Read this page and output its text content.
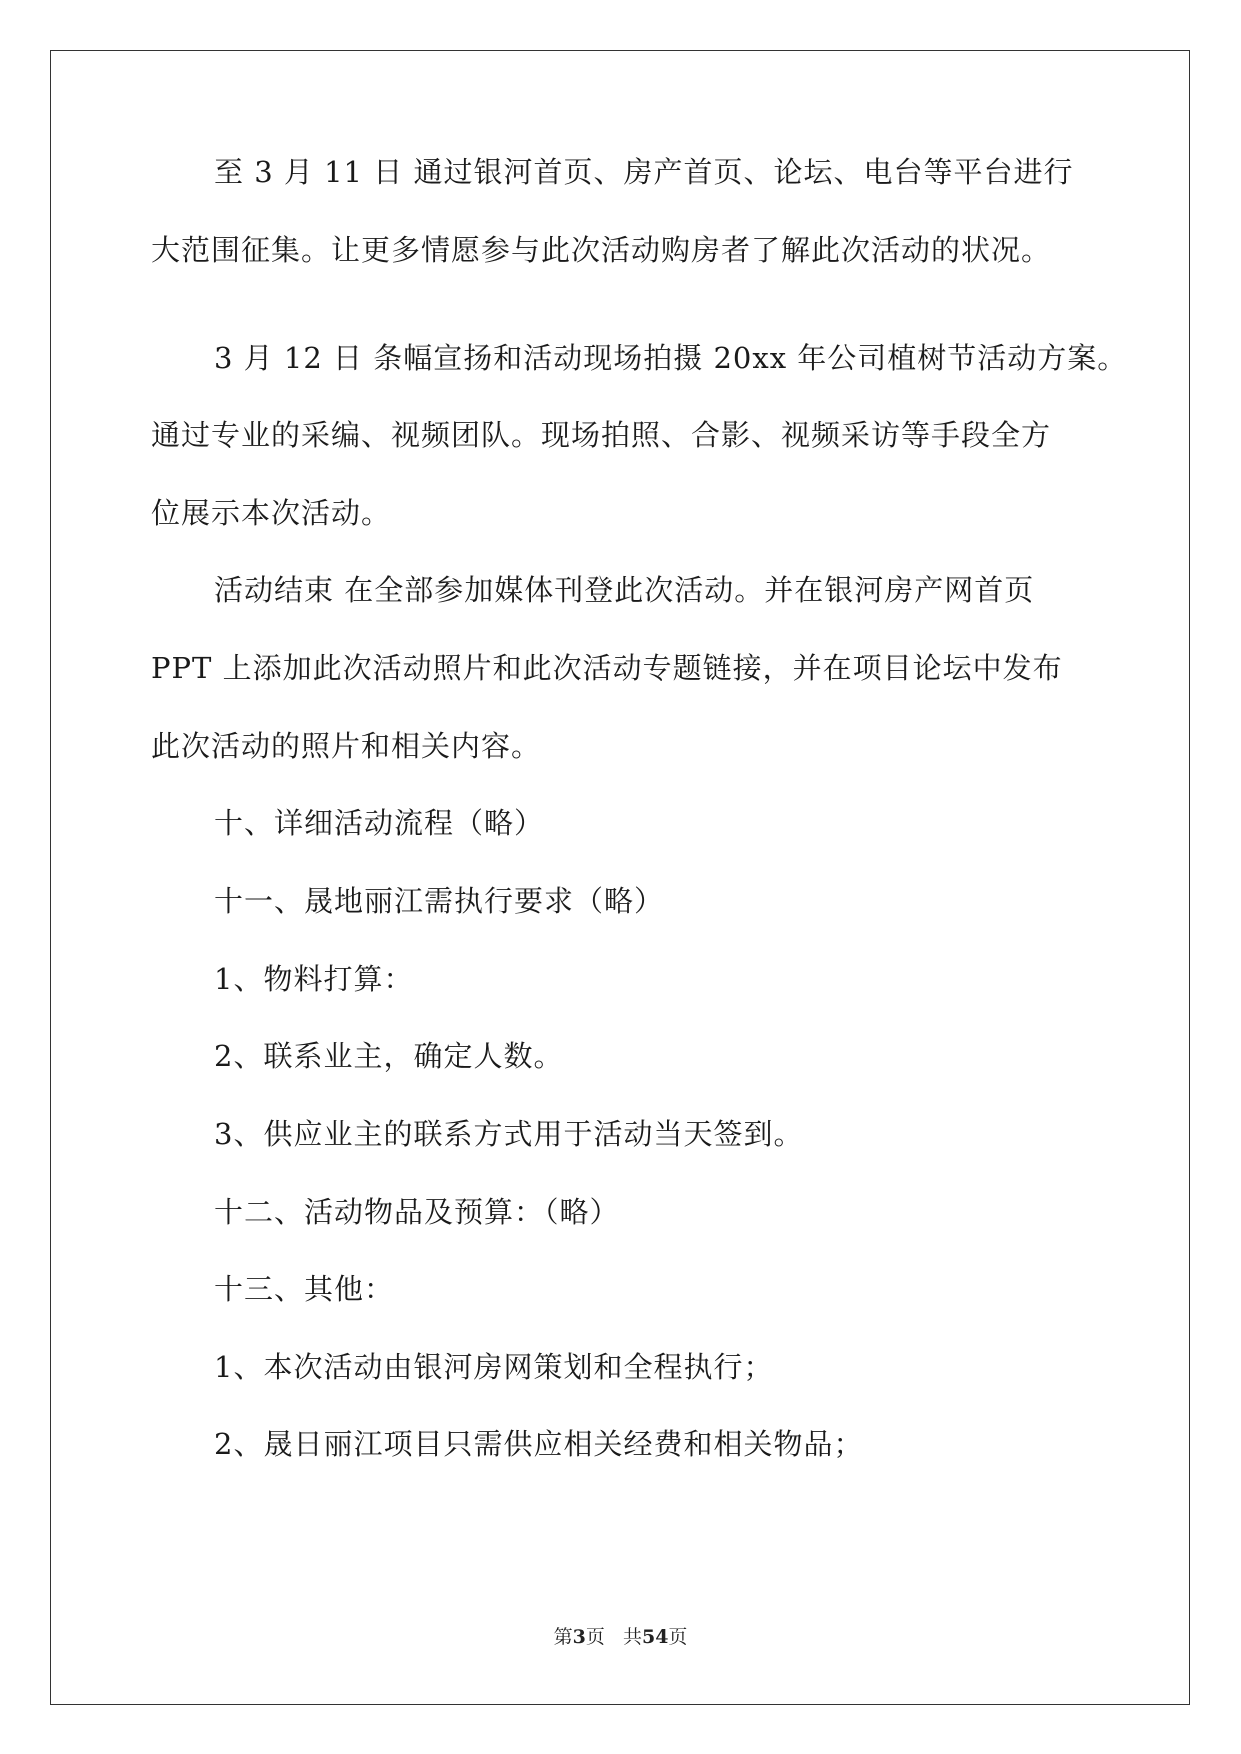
至 3 月 11 日 通过银河首页、房产首页、论坛、电台等平台进行
大范围征集。让更多情愿参与此次活动购房者了解此次活动的状况。
3 月 12 日 条幅宣扬和活动现场拍摄 20xx 年公司植树节活动方案。
通过专业的采编、视频团队。现场拍照、合影、视频采访等手段全方
位展示本次活动。
活动结束 在全部参加媒体刊登此次活动。并在银河房产网首页
PPT 上添加此次活动照片和此次活动专题链接，并在项目论坛中发布
此次活动的照片和相关内容。
十、详细活动流程（略）
十一、晟地丽江需执行要求（略）
1、物料打算：
2、联系业主，确定人数。
3、供应业主的联系方式用于活动当天签到。
十二、活动物品及预算：（略）
十三、其他：
1、本次活动由银河房网策划和全程执行；
2、晟日丽江项目只需供应相关经费和相关物品；
第3页 共54页
